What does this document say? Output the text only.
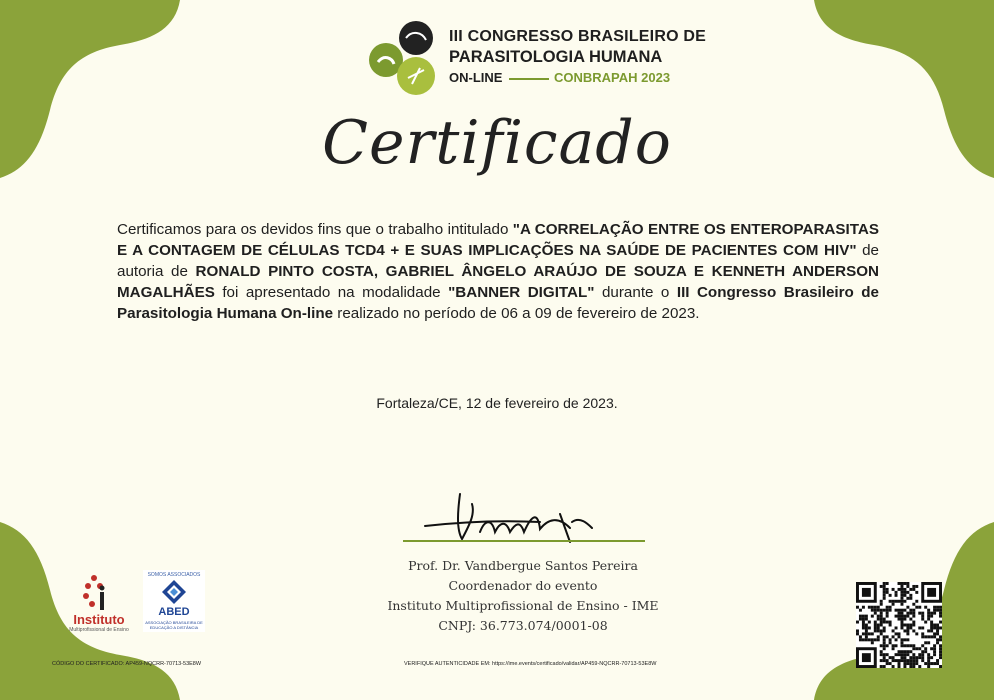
III CONGRESSO BRASILEIRO DE
PARASITOLOGIA HUMANA
ON-LINE	CONBRAPAH 2023
Certificado
Certificamos para os devidos fins que o trabalho intitulado "A CORRELAÇÃO ENTRE OS ENTEROPARASITAS E A CONTAGEM DE CÉLULAS TCD4 + E SUAS IMPLICAÇÕES NA SAÚDE DE PACIENTES COM HIV" de autoria de RONALD PINTO COSTA, GABRIEL ÂNGELO ARAÚJO DE SOUZA E KENNETH ANDERSON MAGALHÃES foi apresentado na modalidade "BANNER DIGITAL" durante o III Congresso Brasileiro de Parasitologia Humana On-line realizado no período de 06 a 09 de fevereiro de 2023.
Fortaleza/CE, 12 de fevereiro de 2023.
Prof. Dr. Vandbergue Santos Pereira
Coordenador do evento
Instituto Multiprofissional de Ensino - IME
CNPJ: 36.773.074/0001-08
Instituto
Multiprofissional de Ensino
SOMOS ASSOCIADOS
ABED
ASSOCIAÇÃO BRASILEIRA DE EDUCAÇÃO A DISTÂNCIA
CÓDIGO DO CERTIFICADO: AP459-NQCRR-70713-53E8W	VERIFIQUE AUTENTICIDADE EM: https://ime.events/certificado/validar/AP459-NQCRR-70713-53E8W
